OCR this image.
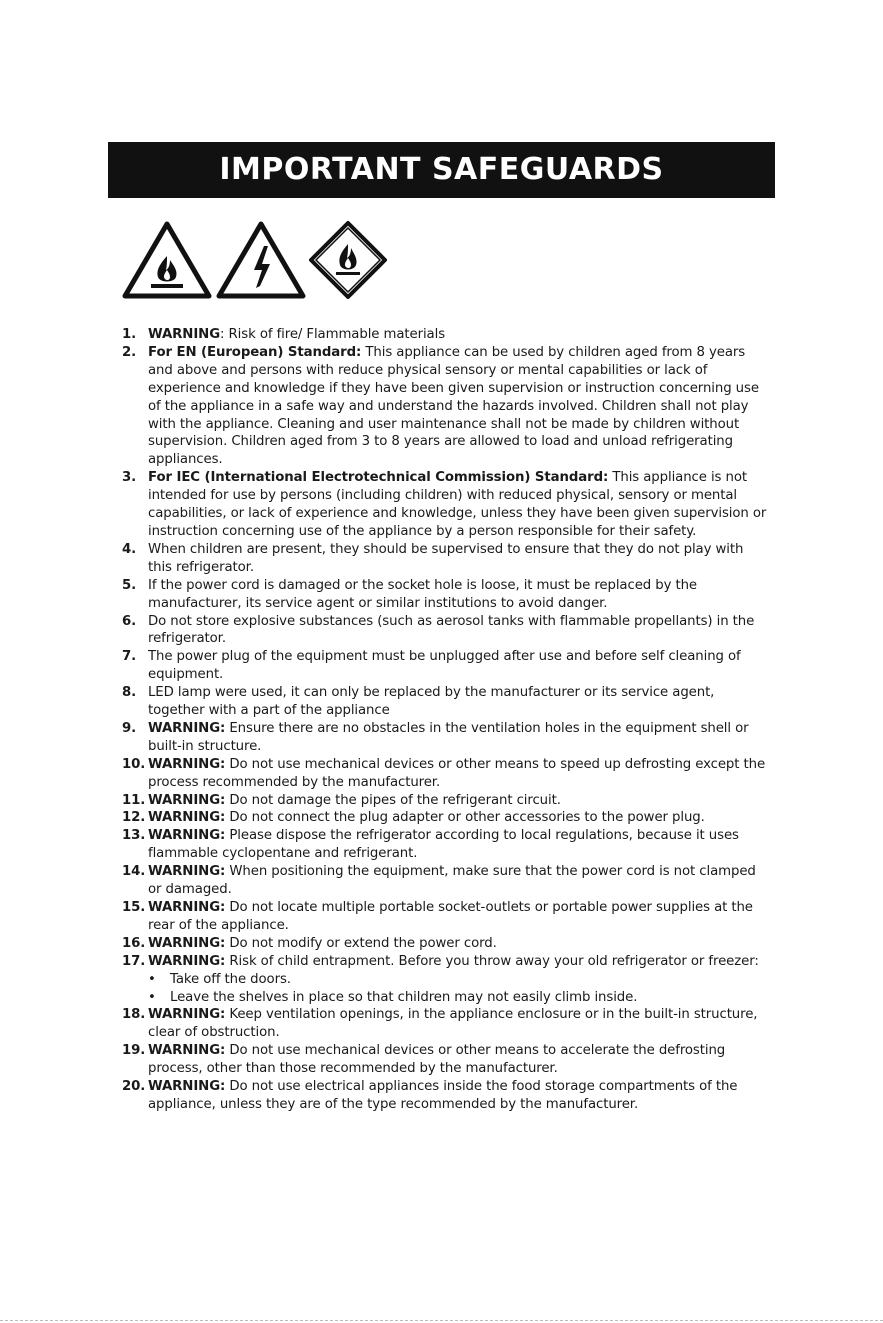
IMPORTANT SAFEGUARDS
1. WARNING: Risk of fire/ Flammable materials
2. For EN (European) Standard: This appliance can be used by children aged from 8 years and above and persons with reduce physical sensory or mental capabilities or lack of experience and knowledge if they have been given supervision or instruction concerning use of the appliance in a safe way and understand the hazards involved. Children shall not play with the appliance. Cleaning and user maintenance shall not be made by children without supervision. Children aged from 3 to 8 years are allowed to load and unload refrigerating appliances.
3. For IEC (International Electrotechnical Commission) Standard: This appliance is not intended for use by persons (including children) with reduced physical, sensory or mental capabilities, or lack of experience and knowledge, unless they have been given supervision or instruction concerning use of the appliance by a person responsible for their safety.
4. When children are present, they should be supervised to ensure that they do not play with this refrigerator.
5. If the power cord is damaged or the socket hole is loose, it must be replaced by the manufacturer, its service agent or similar institutions to avoid danger.
6. Do not store explosive substances (such as aerosol tanks with flammable propellants) in the refrigerator.
7. The power plug of the equipment must be unplugged after use and before self cleaning of equipment.
8. LED lamp were used, it can only be replaced by the manufacturer or its service agent, together with a part of the appliance
9. WARNING: Ensure there are no obstacles in the ventilation holes in the equipment shell or built-in structure.
10. WARNING: Do not use mechanical devices or other means to speed up defrosting except the process recommended by the manufacturer.
11. WARNING: Do not damage the pipes of the refrigerant circuit.
12. WARNING: Do not connect the plug adapter or other accessories to the power plug.
13. WARNING: Please dispose the refrigerator according to local regulations, because it uses flammable cyclopentane and refrigerant.
14. WARNING: When positioning the equipment, make sure that the power cord is not clamped or damaged.
15. WARNING: Do not locate multiple portable socket-outlets or portable power supplies at the rear of the appliance.
16. WARNING: Do not modify or extend the power cord.
17. WARNING: Risk of child entrapment. Before you throw away your old refrigerator or freezer:
• Take off the doors.
• Leave the shelves in place so that children may not easily climb inside.
18. WARNING: Keep ventilation openings, in the appliance enclosure or in the built-in structure, clear of obstruction.
19. WARNING: Do not use mechanical devices or other means to accelerate the defrosting process, other than those recommended by the manufacturer.
20. WARNING: Do not use electrical appliances inside the food storage compartments of the appliance, unless they are of the type recommended by the manufacturer.
